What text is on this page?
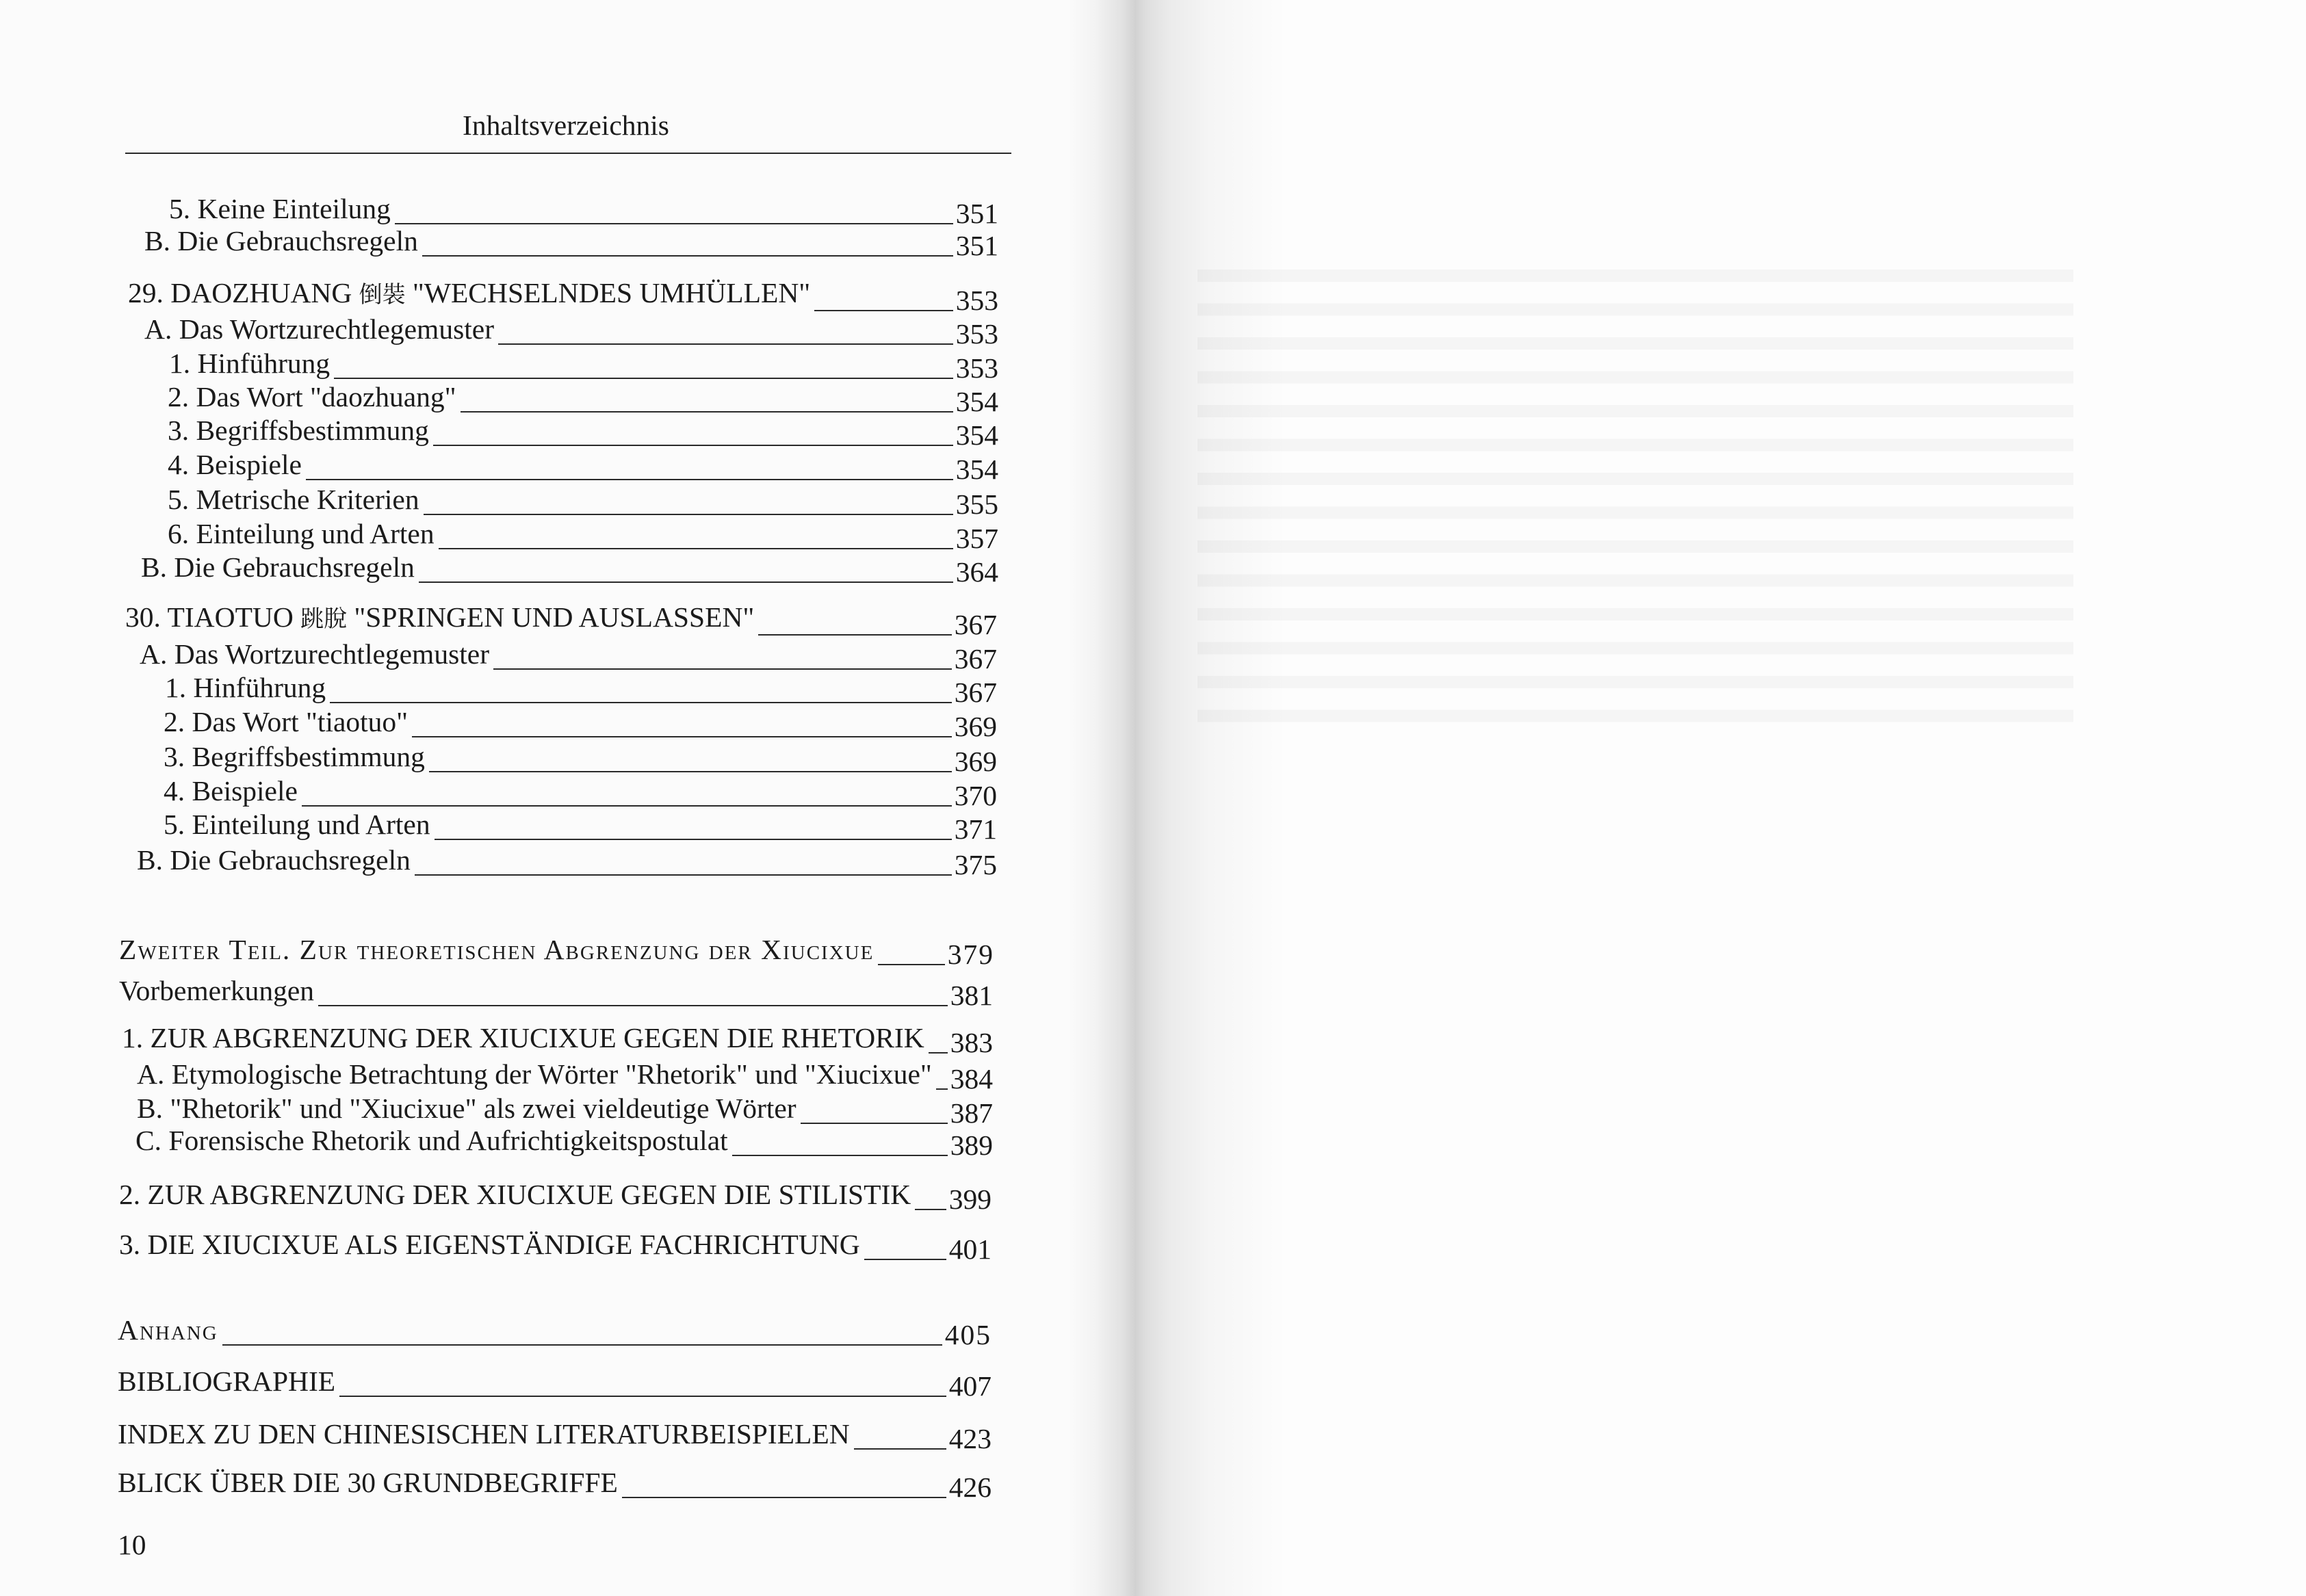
Inhaltsverzeichnis
5. Keine Einteilung	351
B. Die Gebrauchsregeln	351
29. DAOZHUANG 倒裝 "WECHSELNDES UMHÜLLEN"	353
A. Das Wortzurechtlegemuster	353
1. Hinführung	353
2. Das Wort "daozhuang"	354
3. Begriffsbestimmung	354
4. Beispiele	354
5. Metrische Kriterien	355
6. Einteilung und Arten	357
B. Die Gebrauchsregeln	364
30. TIAOTUO 跳脫 "SPRINGEN UND AUSLASSEN"	367
A. Das Wortzurechtlegemuster	367
1. Hinführung	367
2. Das Wort "tiaotuo"	369
3. Begriffsbestimmung	369
4. Beispiele	370
5. Einteilung und Arten	371
B. Die Gebrauchsregeln	375
Zweiter Teil. Zur theoretischen Abgrenzung der Xiucixue	379
Vorbemerkungen	381
1. ZUR ABGRENZUNG DER XIUCIXUE GEGEN DIE RHETORIK 383
A. Etymologische Betrachtung der Wörter "Rhetorik" und "Xiucixue" 384
B. "Rhetorik" und "Xiucixue" als zwei vieldeutige Wörter	387
C. Forensische Rhetorik und Aufrichtigkeitspostulat	389
2. ZUR ABGRENZUNG DER XIUCIXUE GEGEN DIE STILISTIK 399
3. DIE XIUCIXUE ALS EIGENSTÄNDIGE FACHRICHTUNG	401
Anhang	405
BIBLIOGRAPHIE	407
INDEX ZU DEN CHINESISCHEN LITERATURBEISPIELEN	423
BLICK ÜBER DIE 30 GRUNDBEGRIFFE	426
10
